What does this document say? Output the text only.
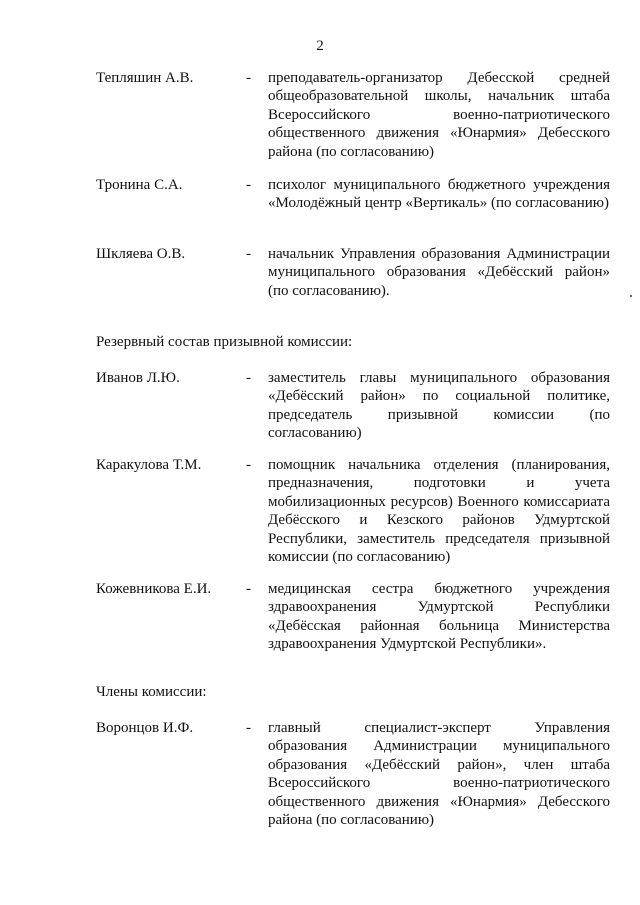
2
Тепляшин А.В.	- преподаватель-организатор Дебесской средней общеобразовательной школы, начальник штаба Всероссийского военно-патриотического общественного движения «Юнармия» Дебесского района (по согласованию)
Тронина С.А.	- психолог муниципального бюджетного учреждения «Молодёжный центр «Вертикаль» (по согласованию)
Шкляева О.В.	- начальник Управления образования Администрации муниципального образования «Дебёсский район» (по согласованию).
Резервный состав призывной комиссии:
Иванов Л.Ю.	- заместитель главы муниципального образования «Дебёсский район» по социальной политике, председатель призывной комиссии (по согласованию)
Каракулова Т.М.	- помощник начальника отделения (планирования, предназначения, подготовки и учета мобилизационных ресурсов) Военного комиссариата Дебёсского и Кезского районов Удмуртской Республики, заместитель председателя призывной комиссии (по согласованию)
Кожевникова Е.И. - медицинская сестра бюджетного учреждения здравоохранения Удмуртской Республики «Дебёсская районная больница Министерства здравоохранения Удмуртской Республики».
Члены комиссии:
Воронцов И.Ф.	- главный специалист-эксперт Управления образования Администрации муниципального образования «Дебёсский район», член штаба Всероссийского военно-патриотического общественного движения «Юнармия» Дебесского района (по согласованию)
